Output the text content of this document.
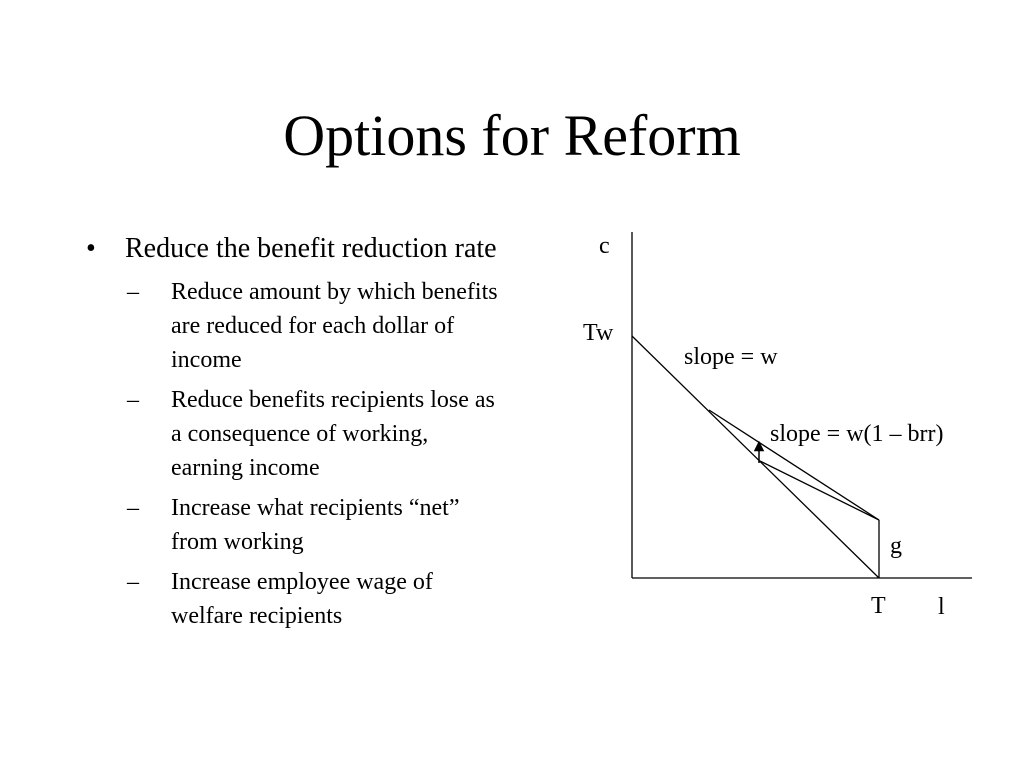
Options for Reform
• Reduce the benefit reduction rate
– Reduce amount by which benefits are reduced for each dollar of income
– Reduce benefits recipients lose as a consequence of working, earning income
– Increase what recipients “net” from working
– Increase employee wage of welfare recipients
c
Tw
slope = w
slope = w(1 – brr)
g
T l
